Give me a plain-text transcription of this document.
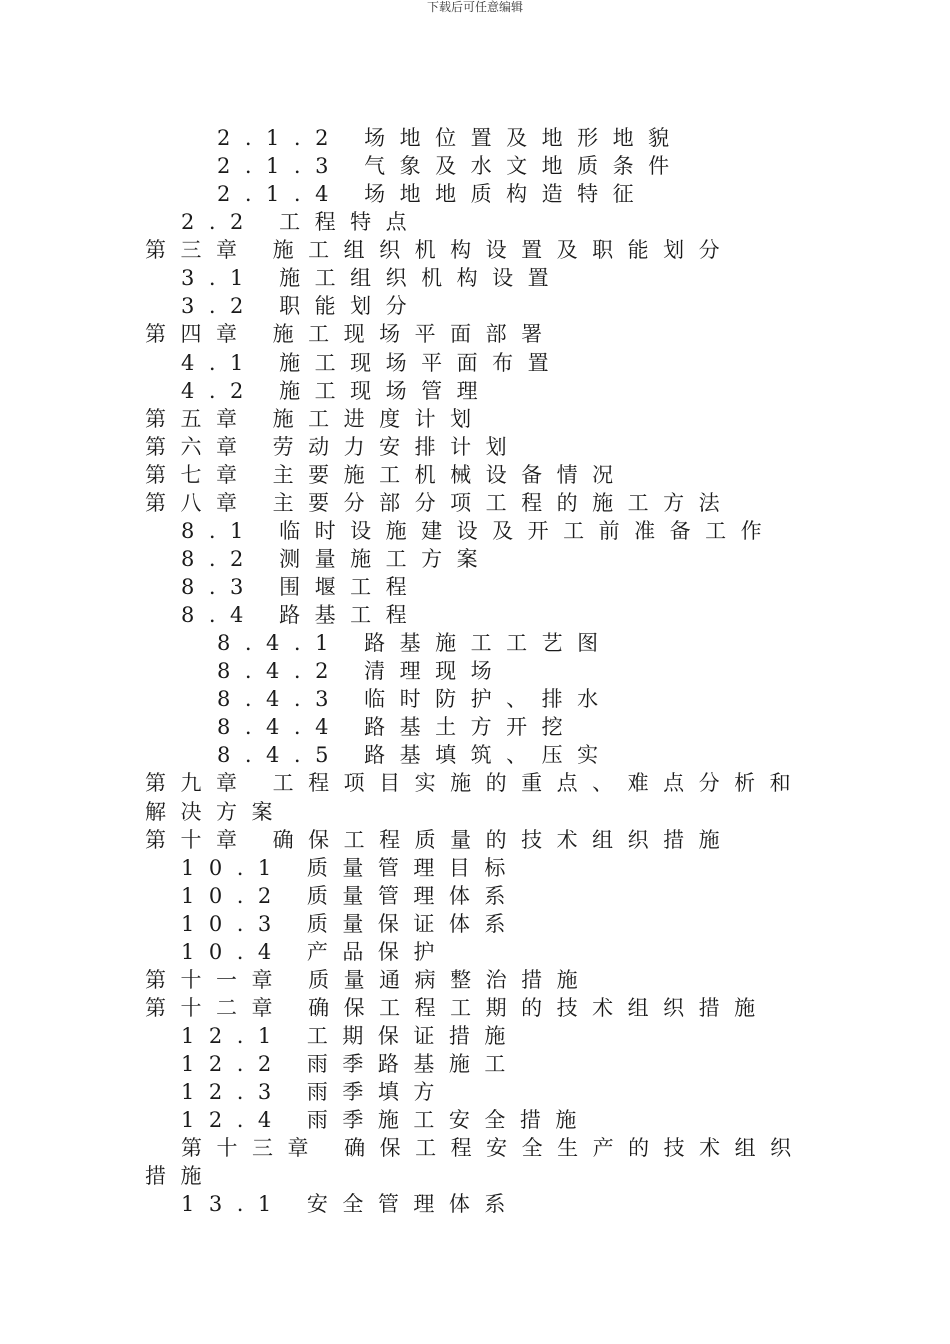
下载后可任意编辑
2.1.2 场地位置及地形地貌
2.1.3 气象及水文地质条件
2.1.4 场地地质构造特征
2.2 工程特点
第三章 施工组织机构设置及职能划分
3.1 施工组织机构设置
3.2 职能划分
第四章 施工现场平面部署
4.1 施工现场平面布置
4.2 施工现场管理
第五章 施工进度计划
第六章 劳动力安排计划
第七章 主要施工机械设备情况
第八章 主要分部分项工程的施工方法
8.1 临时设施建设及开工前准备工作
8.2 测量施工方案
8.3 围堰工程
8.4 路基工程
8.4.1 路基施工工艺图
8.4.2 清理现场
8.4.3 临时防护、排水
8.4.4 路基土方开挖
8.4.5 路基填筑、压实
第九章 工程项目实施的重点、难点分析和
解决方案
第十章 确保工程质量的技术组织措施
10.1 质量管理目标
10.2 质量管理体系
10.3 质量保证体系
10.4 产品保护
第十一章 质量通病整治措施
第十二章 确保工程工期的技术组织措施
12.1 工期保证措施
12.2 雨季路基施工
12.3 雨季填方
12.4 雨季施工安全措施
第十三章 确保工程安全生产的技术组织
措施
13.1 安全管理体系
